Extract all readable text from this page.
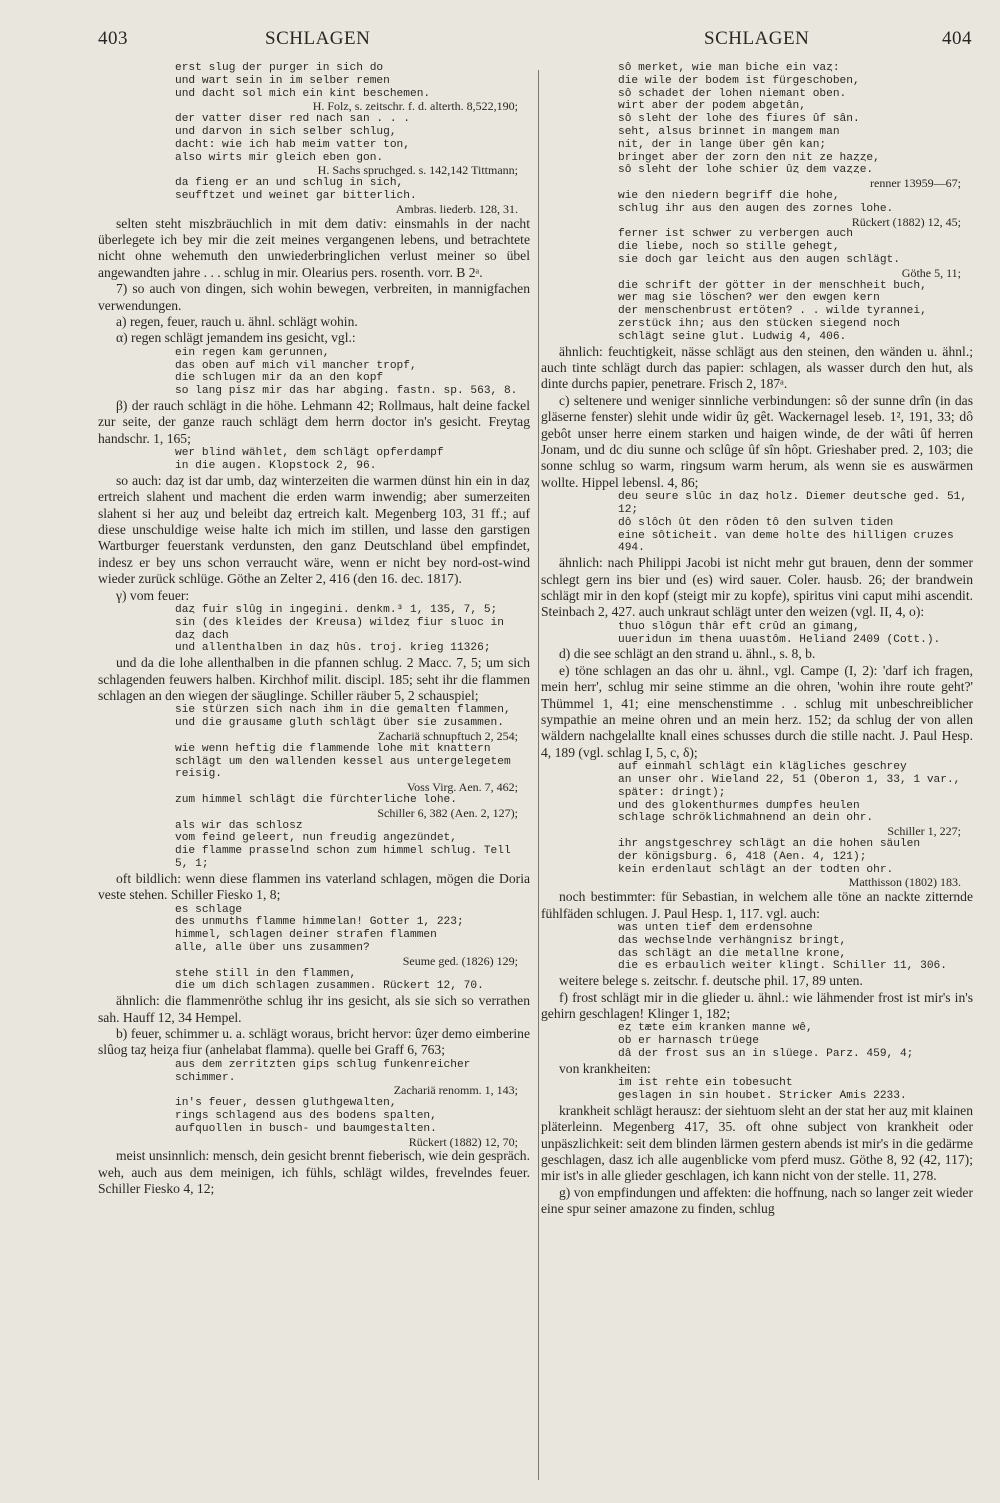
403	SCHLAGEN	SCHLAGEN	404
erst slug der purger in sich do
und wart sein in im selber remen
und dacht sol mich ein kint beschemen.
H. Folz, s. zeitschr. f. d. alterth. 8,522,190;
der vatter diser red nach san . . .
und darvon in sich selber schlug,
dacht: wie ich hab meim vatter ton,
also wirts mir gleich eben gon.
H. Sachs spruchged. s. 142,142 Tittmann;
da fieng er an und schlug in sich,
seufftzet und weinet gar bitterlich.
Ambras. liederb. 128, 31.
selten steht miszbräuchlich in mit dem dativ: einsmahls in der nacht überlegete ich bey mir die zeit meines vergangenen lebens, und betrachtete nicht ohne wehemuth den unwiederbringlichen verlust meiner so übel angewandten jahre . . . schlug in mir. Olearius pers. rosenth. vorr. B 2ᵃ.
7) so auch von dingen, sich wohin bewegen, verbreiten, in mannigfachen verwendungen.
a) regen, feuer, rauch u. ähnl. schlägt wohin.
α) regen schlägt jemandem ins gesicht, vgl.:
ein regen kam gerunnen,
das oben auf mich vil mancher tropf,
die schlugen mir da an den kopf
so lang pisz mir das har abging. fastn. sp. 563, 8.
β) der rauch schlägt in die höhe. Lehmann 42; Rollmaus, halt deine fackel zur seite, der ganze rauch schlägt dem herrn doctor in's gesicht. Freytag handschr. 1, 165;
wer blind wählet, dem schlägt opferdampf
in die augen. Klopstock 2, 96.
so auch: daȥ ist dar umb, daȥ winterzeiten die warmen dünst hin ein in daȥ ertreich slahent und machent die erden warm inwendig; aber sumerzeiten slahent si her auȥ und beleibt daȥ ertreich kalt. Megenberg 103, 31 ff.; auf diese unschuldige weise halte ich mich im stillen, und lasse den garstigen Wartburger feuerstank verdunsten, den ganz Deutschland übel empfindet, indesz er bey uns schon verraucht wäre, wenn er nicht bey nord-ost-wind wieder zurück schlüge. Göthe an Zelter 2, 416 (den 16. dec. 1817).
γ) vom feuer:
daȥ fuir slûg in ingegini. denkm.³ 1, 135, 7, 5;
sin (des kleides der Kreusa) wildeȥ fiur sluoc in daȥ dach
und allenthalben in daȥ hûs. troj. krieg 11326;
und da die lohe allenthalben in die pfannen schlug. 2 Macc. 7, 5; um sich schlagenden feuwers halben. Kirchhof milit. discipl. 185; seht ihr die flammen schlagen an den wiegen der säuglinge. Schiller räuber 5, 2 schauspiel;
sie stürzen sich nach ihm in die gemalten flammen,
und die grausame gluth schlägt über sie zusammen.
Zachariä schnupftuch 2, 254;
wie wenn heftig die flammende lohe mit knattern
schlägt um den wallenden kessel aus untergelegetem reisig.
Voss Virg. Aen. 7, 462;
zum himmel schlägt die fürchterliche lohe.
Schiller 6, 382 (Aen. 2, 127);
als wir das schlosz
vom feind geleert, nun freudig angezündet,
die flamme prasselnd schon zum himmel schlug. Tell 5, 1;
oft bildlich: wenn diese flammen ins vaterland schlagen, mögen die Doria veste stehen. Schiller Fiesko 1, 8;
es schlage
des unmuths flamme himmelan! Gotter 1, 223;
himmel, schlagen deiner strafen flammen
alle, alle über uns zusammen?
Seume ged. (1826) 129;
stehe still in den flammen,
die um dich schlagen zusammen. Rückert 12, 70.
ähnlich: die flammenröthe schlug ihr ins gesicht, als sie sich so verrathen sah. Hauff 12, 34 Hempel.
b) feuer, schimmer u. a. schlägt woraus, bricht hervor: ûȥer demo eimberine slûog taȥ heiȥa fiur (anhelabat flamma). quelle bei Graff 6, 763;
aus dem zerritzten gips schlug funkenreicher schimmer.
Zachariä renomm. 1, 143;
in's feuer, dessen gluthgewalten,
rings schlagend aus des bodens spalten,
aufquollen in busch- und baumgestalten.
Rückert (1882) 12, 70;
meist unsinnlich: mensch, dein gesicht brennt fieberisch, wie dein gespräch. weh, auch aus dem meinigen, ich fühls, schlägt wildes, frevelndes feuer. Schiller Fiesko 4, 12;
sô merket, wie man biche ein vaȥ:
die wile der bodem ist fürgeschoben,
sô schadet der lohen niemant oben.
wirt aber der podem abgetân,
sô sleht der lohe des fiures ûf sân.
seht, alsus brinnet in mangem man
nit, der in lange über gên kan;
bringet aber der zorn den nit ze haȥȥe,
sô sleht der lohe schier ûȥ dem vaȥȥe.
renner 13959—67;
wie den niedern begriff die hohe,
schlug ihr aus den augen des zornes lohe.
Rückert (1882) 12, 45;
ferner ist schwer zu verbergen auch
die liebe, noch so stille gehegt,
sie doch gar leicht aus den augen schlägt.
Göthe 5, 11;
die schrift der götter in der menschheit buch,
wer mag sie löschen? wer den ewgen kern
der menschenbrust ertöten? . . wilde tyrannei,
zerstück ihn; aus den stücken siegend noch
schlägt seine glut. Ludwig 4, 406.
ähnlich: feuchtigkeit, nässe schlägt aus den steinen, den wänden u. ähnl.; auch tinte schlägt durch das papier: schlagen, als wasser durch den hut, als dinte durchs papier, penetrare. Frisch 2, 187ᵃ.
c) seltenere und weniger sinnliche verbindungen: sô der sunne drîn (in das gläserne fenster) slehit unde widir ûȥ gêt. Wackernagel leseb. 1², 191, 33; dô gebôt unser herre einem starken und haigen winde, de der wâti ûf herren Jonam, und dc diu sunne och sclûge ûf sîn hôpt. Grieshaber pred. 2, 103; die sonne schlug so warm, ringsum warm herum, als wenn sie es auswärmen wollte. Hippel lebensl. 4, 86;
deu seure slûc in daȥ holz. Diemer deutsche ged. 51, 12;
dô slôch ût den rôden tô den sulven tiden
eine sôticheit. van deme holte des hilligen cruzes 494.
ähnlich: nach Philippi Jacobi ist nicht mehr gut brauen, denn der sommer schlegt gern ins bier und (es) wird sauer. Coler. hausb. 26; der brandwein schlägt mir in den kopf (steigt mir zu kopfe), spiritus vini caput mihi ascendit. Steinbach 2, 427. auch unkraut schlägt unter den weizen (vgl. II, 4, o):
thuo slôgun thâr eft crûd an gimang,
uueridun im thena uuastôm. Heliand 2409 (Cott.).
d) die see schlägt an den strand u. ähnl., s. 8, b.
e) töne schlagen an das ohr u. ähnl., vgl. Campe (I, 2): 'darf ich fragen, mein herr', schlug mir seine stimme an die ohren, 'wohin ihre route geht?' Thümmel 1, 41; eine menschenstimme . . schlug mit unbeschreiblicher sympathie an meine ohren und an mein herz. 152; da schlug der von allen wäldern nachgelallte knall eines schusses durch die stille nacht. J. Paul Hesp. 4, 189 (vgl. schlag I, 5, c, δ);
auf einmahl schlägt ein klägliches geschrey
an unser ohr. Wieland 22, 51 (Oberon 1, 33, 1 var., später: dringt);
und des glokenthurmes dumpfes heulen
schlage schröklichmahnend an dein ohr.
Schiller 1, 227;
ihr angstgeschrey schlägt an die hohen säulen
der königsburg. 6, 418 (Aen. 4, 121);
kein erdenlaut schlägt an der todten ohr.
Matthisson (1802) 183.
noch bestimmter: für Sebastian, in welchem alle töne an nackte zitternde fühlfäden schlugen. J. Paul Hesp. 1, 117. vgl. auch:
was unten tief dem erdensohne
das wechselnde verhängnisz bringt,
das schlägt an die metallne krone,
die es erbaulich weiter klingt. Schiller 11, 306.
weitere belege s. zeitschr. f. deutsche phil. 17, 89 unten.
f) frost schlägt mir in die glieder u. ähnl.: wie lähmender frost ist mir's in's gehirn geschlagen! Klinger 1, 182;
eȥ tæte eim kranken manne wê,
ob er harnasch trüege
dâ der frost sus an in slüege. Parz. 459, 4;
von krankheiten:
im ist rehte ein tobesucht
geslagen in sin houbet. Stricker Amis 2233.
krankheit schlägt herausz: der siehtuom sleht an der stat her auȥ mit klainen pläterleinn. Megenberg 417, 35. oft ohne subject von krankheit oder unpäszlichkeit: seit dem blinden lärmen gestern abends ist mir's in die gedärme geschlagen, dasz ich alle augenblicke vom pferd musz. Göthe 8, 92 (42, 117); mir ist's in alle glieder geschlagen, ich kann nicht von der stelle. 11, 278.
g) von empfindungen und affekten: die hoffnung, nach so langer zeit wieder eine spur seiner amazone zu finden, schlug
